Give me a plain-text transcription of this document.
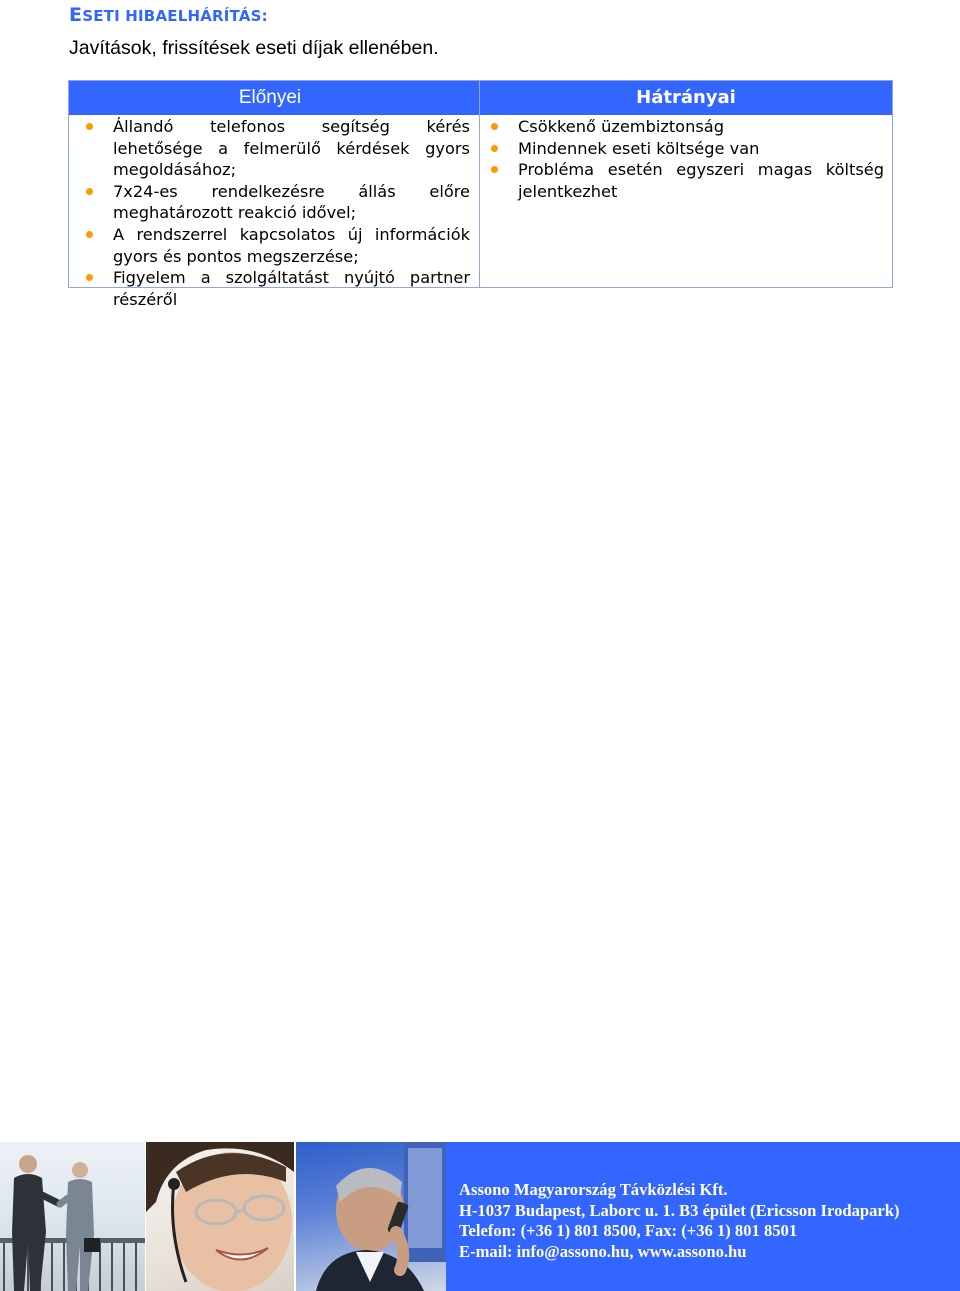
ESETI HIBAELHÁRÍTÁS:
Javítások, frissítések eseti díjak ellenében.
Előnyei
Állandó telefonos segítség kérés lehetősége a felmerülő kérdések gyors megoldásához;
7x24-es rendelkezésre állás előre meghatározott reakció idővel;
A rendszerrel kapcsolatos új információk gyors és pontos megszerzése;
Figyelem a szolgáltatást nyújtó partner részéről
Hátrányai
Csökkenő üzembiztonság
Mindennek eseti költsége van
Probléma esetén egyszeri magas költség jelentkezhet
Assono Magyarország Távközlési Kft.
H-1037 Budapest, Laborc u. 1. B3 épület (Ericsson Irodapark)
Telefon: (+36 1) 801 8500, Fax: (+36 1) 801 8501
E-mail: info@assono.hu, www.assono.hu
